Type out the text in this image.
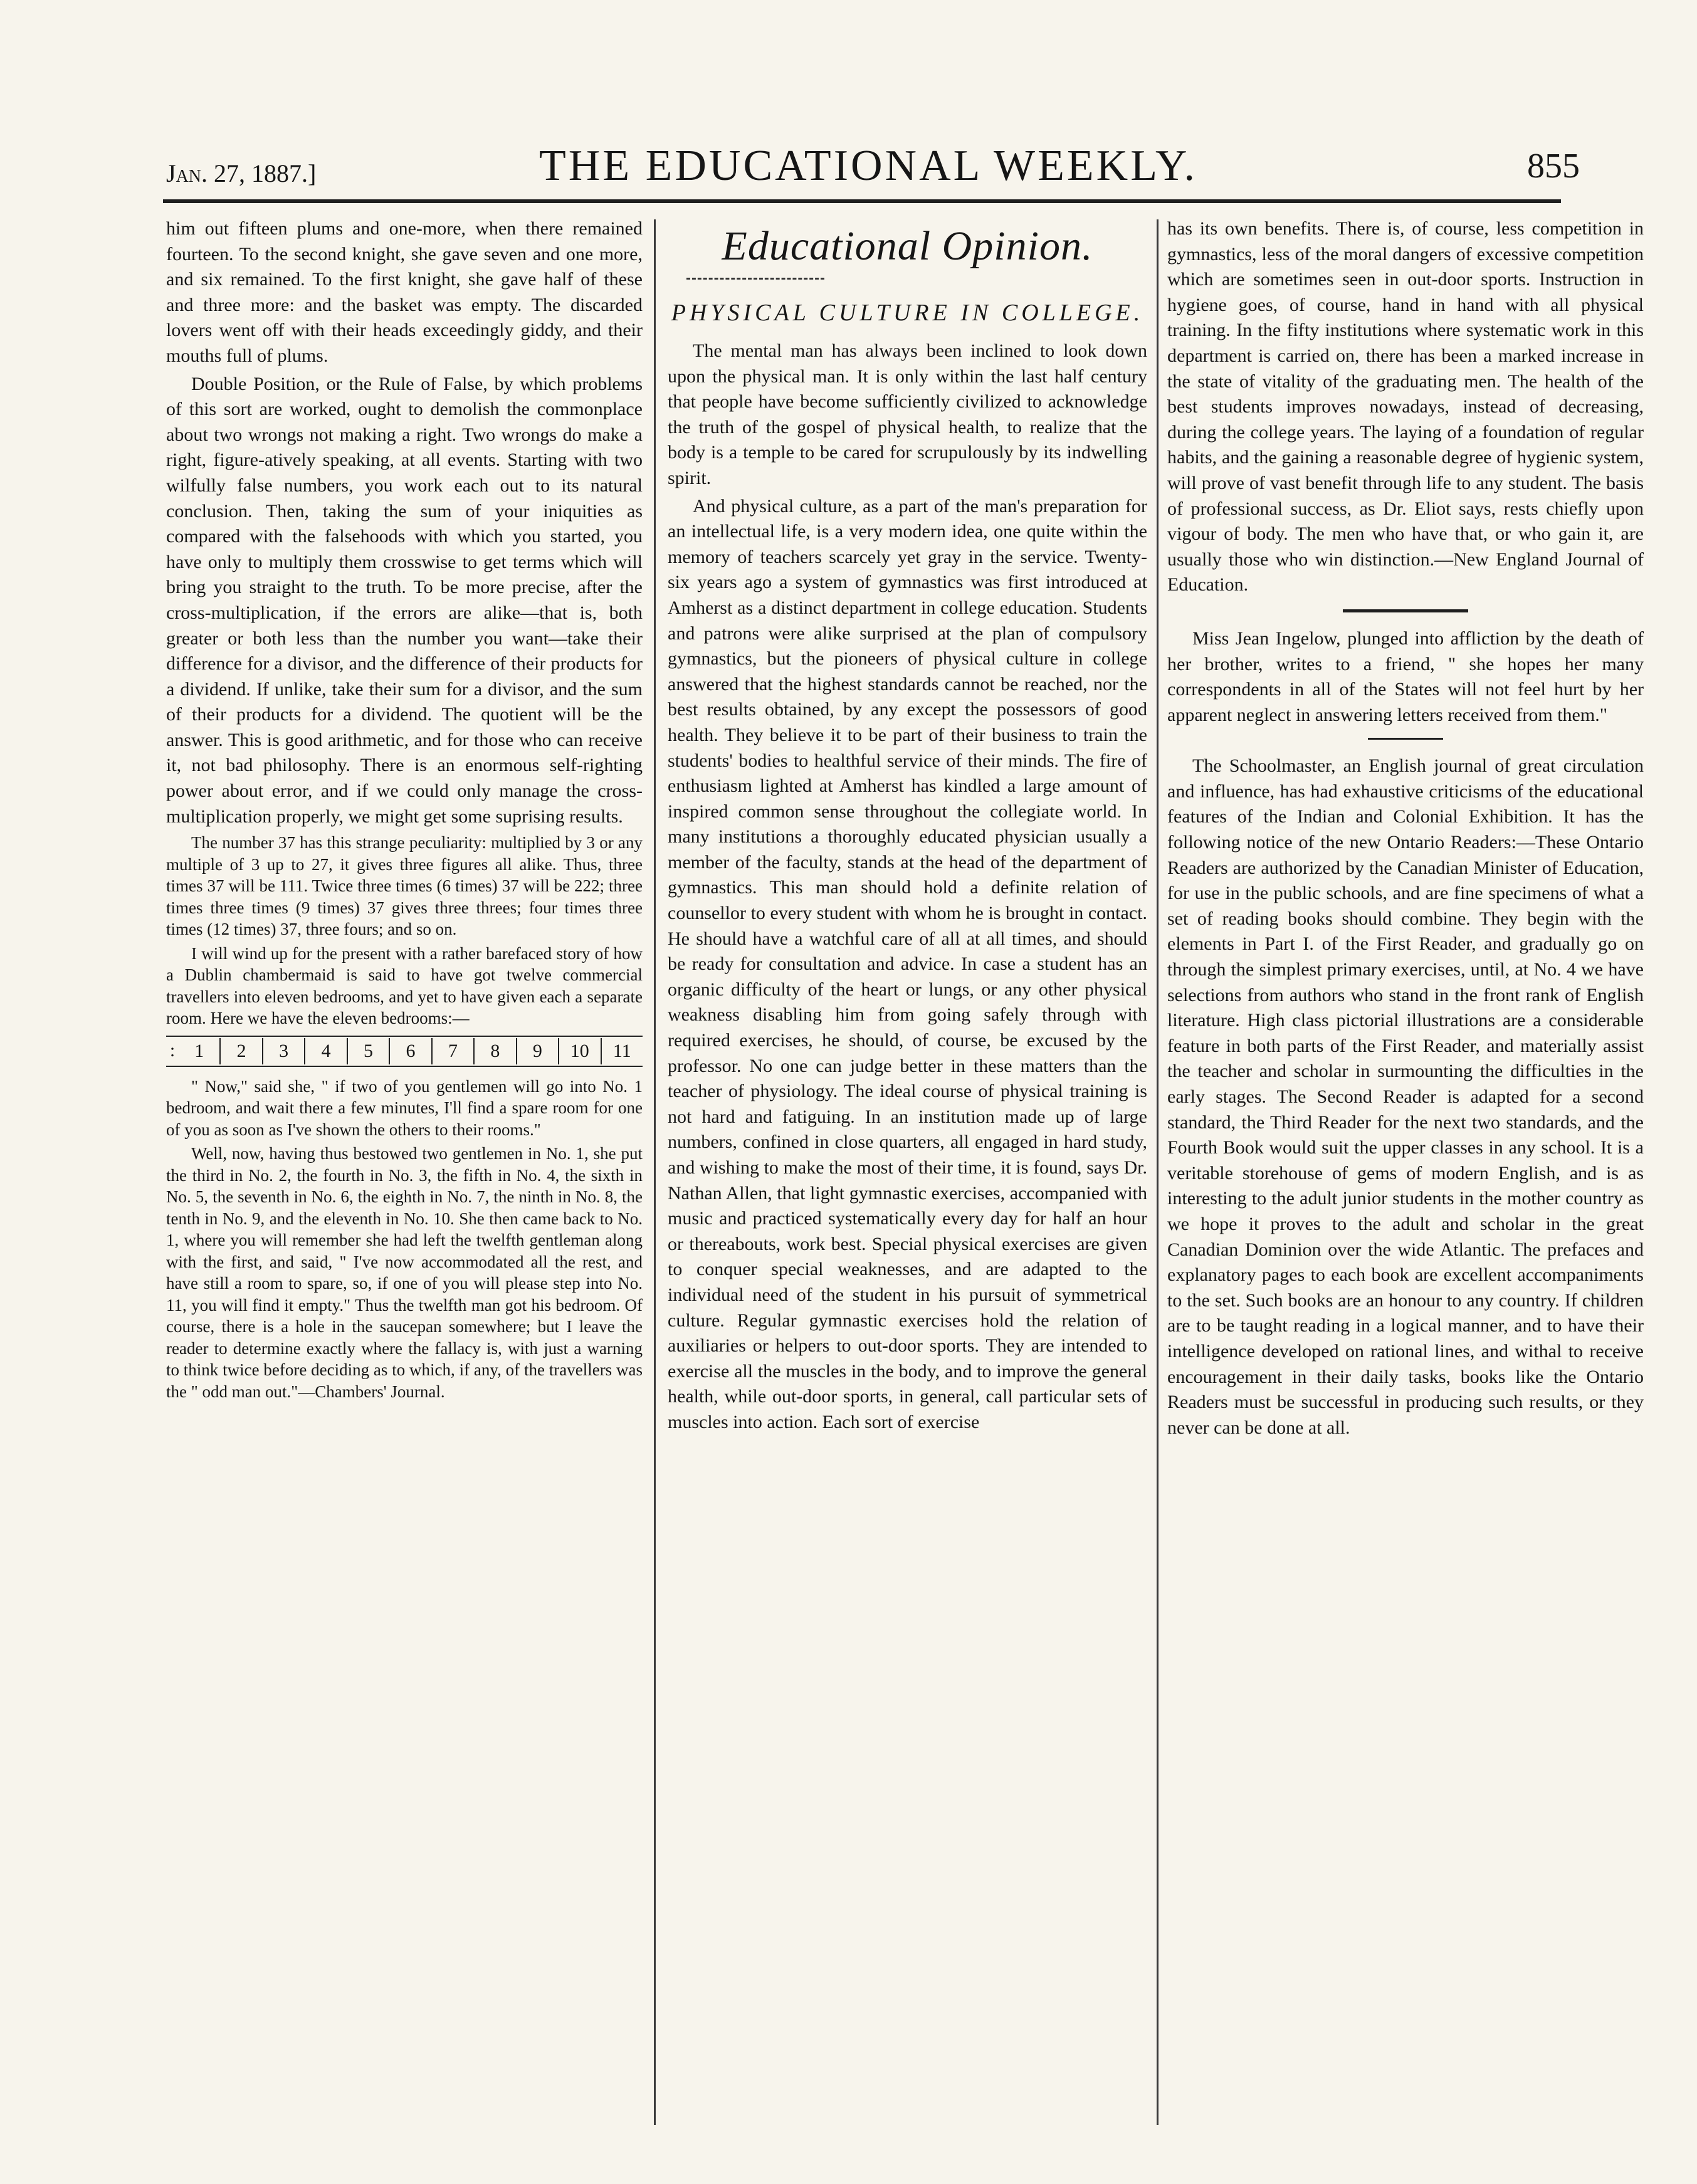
Jan. 27, 1887.]	THE EDUCATIONAL WEEKLY.	855

him out fifteen plums and one-more, when there remained fourteen. To the second knight, she gave seven and one more, and six remained. To the first knight, she gave half of these and three more: and the basket was empty. The discarded lovers went off with their heads exceedingly giddy, and their mouths full of plums.

Double Position, or the Rule of False, by which problems of this sort are worked, ought to demolish the commonplace about two wrongs not making a right. Two wrongs do make a right, figure-atively speaking, at all events. Starting with two wilfully false numbers, you work each out to its natural conclusion. Then, taking the sum of your iniquities as compared with the falsehoods with which you started, you have only to multiply them crosswise to get terms which will bring you straight to the truth. To be more precise, after the cross-multiplication, if the errors are alike—that is, both greater or both less than the number you want—take their difference for a divisor, and the difference of their products for a dividend. If unlike, take their sum for a divisor, and the sum of their products for a dividend. The quotient will be the answer. This is good arithmetic, and for those who can receive it, not bad philosophy. There is an enormous self-righting power about error, and if we could only manage the cross-multiplication properly, we might get some suprising results.

The number 37 has this strange peculiarity: multiplied by 3 or any multiple of 3 up to 27, it gives three figures all alike. Thus, three times 37 will be 111. Twice three times (6 times) 37 will be 222; three times three times (9 times) 37 gives three threes; four times three times (12 times) 37, three fours; and so on.

I will wind up for the present with a rather barefaced story of how a Dublin chambermaid is said to have got twelve commercial travellers into eleven bedrooms, and yet to have given each a separate room. Here we have the eleven bedrooms:—

:	1	2	3	4	5	6	7	8	9	10	11

" Now," said she, " if two of you gentlemen will go into No. 1 bedroom, and wait there a few minutes, I'll find a spare room for one of you as soon as I've shown the others to their rooms."

Well, now, having thus bestowed two gentlemen in No. 1, she put the third in No. 2, the fourth in No. 3, the fifth in No. 4, the sixth in No. 5, the seventh in No. 6, the eighth in No. 7, the ninth in No. 8, the tenth in No. 9, and the eleventh in No. 10. She then came back to No. 1, where you will remember she had left the twelfth gentleman along with the first, and said, " I've now accommodated all the rest, and have still a room to spare, so, if one of you will please step into No. 11, you will find it empty." Thus the twelfth man got his bedroom. Of course, there is a hole in the saucepan somewhere; but I leave the reader to determine exactly where the fallacy is, with just a warning to think twice before deciding as to which, if any, of the travellers was the " odd man out."—Chambers' Journal.

Educational Opinion.
PHYSICAL CULTURE IN COLLEGE.

The mental man has always been inclined to look down upon the physical man. It is only within the last half century that people have become sufficiently civilized to acknowledge the truth of the gospel of physical health, to realize that the body is a temple to be cared for scrupulously by its indwelling spirit.

And physical culture, as a part of the man's preparation for an intellectual life, is a very modern idea, one quite within the memory of teachers scarcely yet gray in the service. Twenty-six years ago a system of gymnastics was first introduced at Amherst as a distinct department in college education. Students and patrons were alike surprised at the plan of compulsory gymnastics, but the pioneers of physical culture in college answered that the highest standards cannot be reached, nor the best results obtained, by any except the possessors of good health. They believe it to be part of their business to train the students' bodies to healthful service of their minds. The fire of enthusiasm lighted at Amherst has kindled a large amount of inspired common sense throughout the collegiate world. In many institutions a thoroughly educated physician usually a member of the faculty, stands at the head of the department of gymnastics. This man should hold a definite relation of counsellor to every student with whom he is brought in contact. He should have a watchful care of all at all times, and should be ready for consultation and advice. In case a student has an organic difficulty of the heart or lungs, or any other physical weakness disabling him from going safely through with required exercises, he should, of course, be excused by the professor. No one can judge better in these matters than the teacher of physiology. The ideal course of physical training is not hard and fatiguing. In an institution made up of large numbers, confined in close quarters, all engaged in hard study, and wishing to make the most of their time, it is found, says Dr. Nathan Allen, that light gymnastic exercises, accompanied with music and practiced systematically every day for half an hour or thereabouts, work best. Special physical exercises are given to conquer special weaknesses, and are adapted to the individual need of the student in his pursuit of symmetrical culture. Regular gymnastic exercises hold the relation of auxiliaries or helpers to out-door sports. They are intended to exercise all the muscles in the body, and to improve the general health, while out-door sports, in general, call particular sets of muscles into action. Each sort of exercise

has its own benefits. There is, of course, less competition in gymnastics, less of the moral dangers of excessive competition which are sometimes seen in out-door sports. Instruction in hygiene goes, of course, hand in hand with all physical training. In the fifty institutions where systematic work in this department is carried on, there has been a marked increase in the state of vitality of the graduating men. The health of the best students improves nowadays, instead of decreasing, during the college years. The laying of a foundation of regular habits, and the gaining a reasonable degree of hygienic system, will prove of vast benefit through life to any student. The basis of professional success, as Dr. Eliot says, rests chiefly upon vigour of body. The men who have that, or who gain it, are usually those who win distinction.—New England Journal of Education.

Miss Jean Ingelow, plunged into affliction by the death of her brother, writes to a friend, " she hopes her many correspondents in all of the States will not feel hurt by her apparent neglect in answering letters received from them."

The Schoolmaster, an English journal of great circulation and influence, has had exhaustive criticisms of the educational features of the Indian and Colonial Exhibition. It has the following notice of the new Ontario Readers:—These Ontario Readers are authorized by the Canadian Minister of Education, for use in the public schools, and are fine specimens of what a set of reading books should combine. They begin with the elements in Part I. of the First Reader, and gradually go on through the simplest primary exercises, until, at No. 4 we have selections from authors who stand in the front rank of English literature. High class pictorial illustrations are a considerable feature in both parts of the First Reader, and materially assist the teacher and scholar in surmounting the difficulties in the early stages. The Second Reader is adapted for a second standard, the Third Reader for the next two standards, and the Fourth Book would suit the upper classes in any school. It is a veritable storehouse of gems of modern English, and is as interesting to the adult junior students in the mother country as we hope it proves to the adult and scholar in the great Canadian Dominion over the wide Atlantic. The prefaces and explanatory pages to each book are excellent accompaniments to the set. Such books are an honour to any country. If children are to be taught reading in a logical manner, and to have their intelligence developed on rational lines, and withal to receive encouragement in their daily tasks, books like the Ontario Readers must be successful in producing such results, or they never can be done at all.
